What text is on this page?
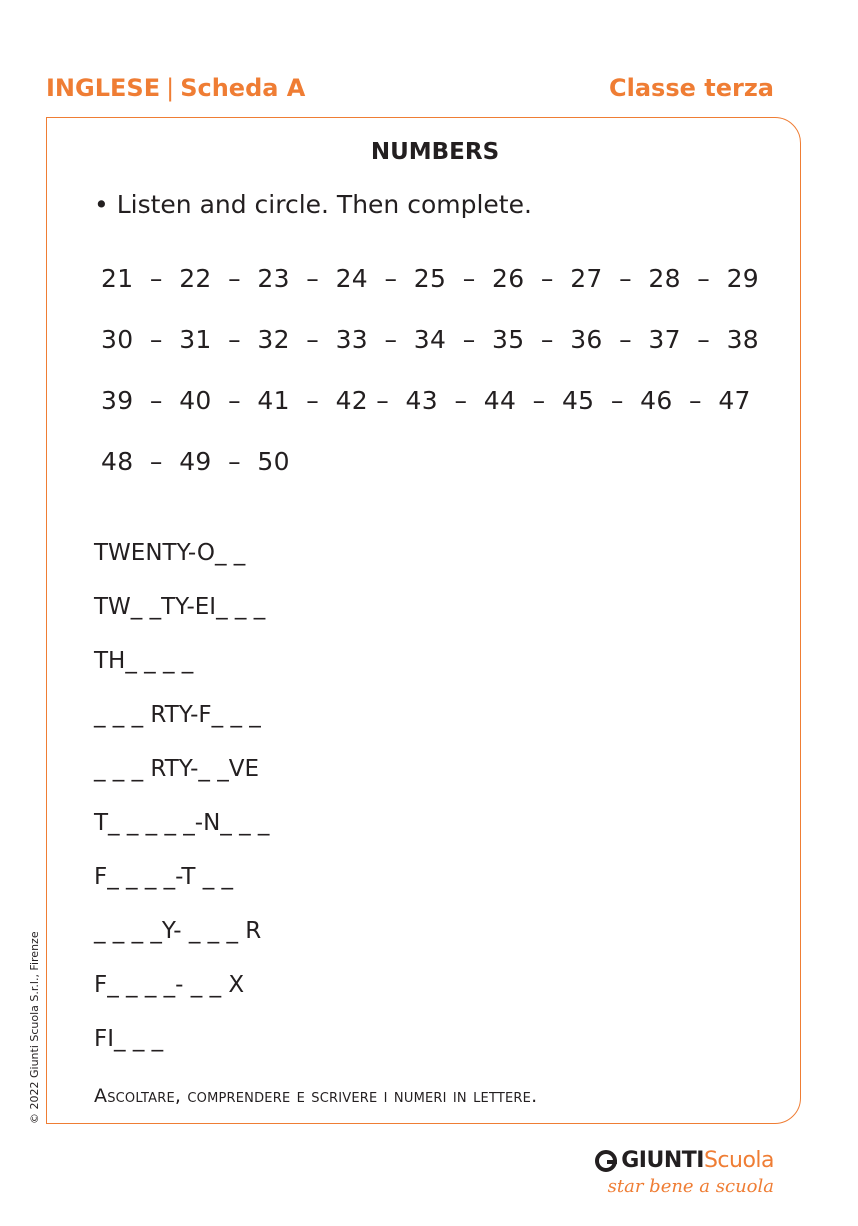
INGLESE | Scheda A	Classe terza
NUMBERS
• Listen and circle. Then complete.
21  –  22  –  23  –  24  –  25  –  26  –  27  –  28  –  29
30  –  31  –  32  –  33  –  34  –  35  –  36  –  37  –  38
39  –  40  –  41  –  42 –  43  –  44  –  45  –  46  –  47
48  –  49  –  50
TWENTY-O_ _
TW_ _TY-EI_ _ _
TH_ _ _ _
_ _ _ RTY-F_ _ _
_ _ _ RTY-_ _VE
T_ _ _ _ _-N_ _ _
F_ _ _ _-T _ _
_ _ _ _Y- _ _ _ R
F_ _ _ _- _ _ X
FI_ _ _
Ascoltare, comprendere e scrivere i numeri in lettere.
© 2022 Giunti Scuola S.r.l., Firenze
GIUNTI Scuola
star bene a scuola
